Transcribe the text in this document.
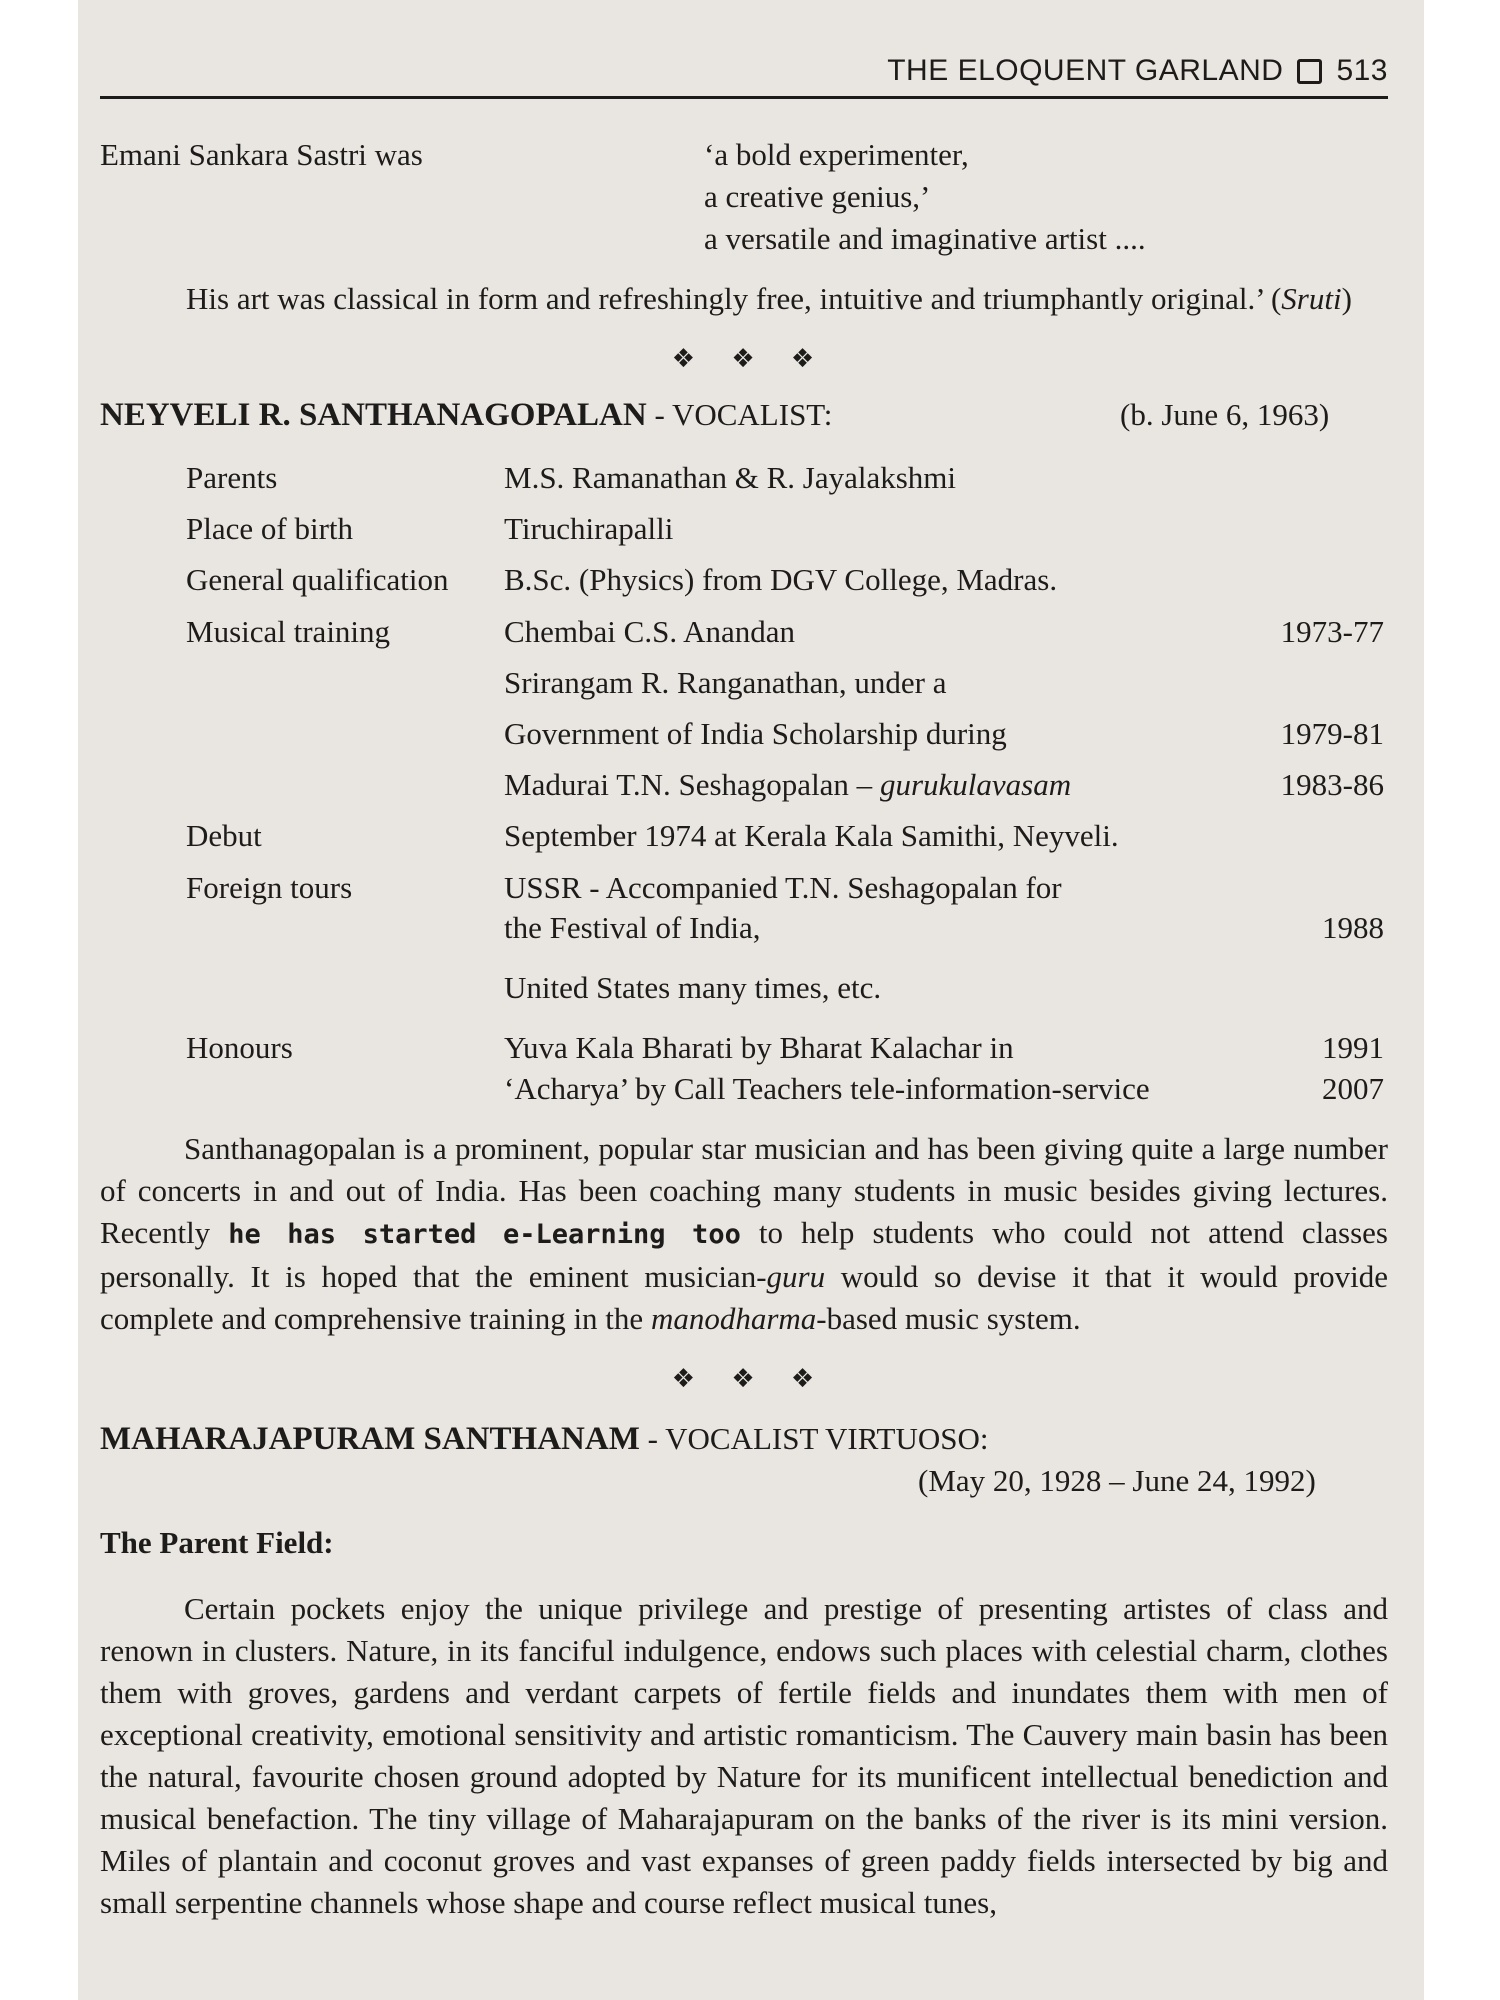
THE ELOQUENT GARLAND 513
Emani Sankara Sastri was	‘a bold experimenter,
a creative genius,’
a versatile and imaginative artist ....
His art was classical in form and refreshingly free, intuitive and triumphantly original.’ (Sruti)
❖ ❖ ❖
NEYVELI R. SANTHANAGOPALAN - VOCALIST:	(b. June 6, 1963)
Parents	M.S. Ramanathan & R. Jayalakshmi
Place of birth	Tiruchirapalli
General qualification B.Sc. (Physics) from DGV College, Madras.
Musical training	Chembai C.S. Anandan	1973-77
Srirangam R. Ranganathan, under a
Government of India Scholarship during	1979-81
Madurai T.N. Seshagopalan – gurukulavasam	1983-86
Debut	September 1974 at Kerala Kala Samithi, Neyveli.
Foreign tours	USSR - Accompanied T.N. Seshagopalan for
the Festival of India,	1988
United States many times, etc.
Honours	Yuva Kala Bharati by Bharat Kalachar in	1991
‘Acharya’ by Call Teachers tele-information-service	2007
Santhanagopalan is a prominent, popular star musician and has been giving quite a large number of concerts in and out of India. Has been coaching many students in music besides giving lectures. Recently he has started e-Learning too to help students who could not attend classes personally. It is hoped that the eminent musician-guru would so devise it that it would provide complete and comprehensive training in the manodharma-based music system.
❖ ❖ ❖
MAHARAJAPURAM SANTHANAM - VOCALIST VIRTUOSO:
(May 20, 1928 – June 24, 1992)
The Parent Field:
Certain pockets enjoy the unique privilege and prestige of presenting artistes of class and renown in clusters. Nature, in its fanciful indulgence, endows such places with celestial charm, clothes them with groves, gardens and verdant carpets of fertile fields and inundates them with men of exceptional creativity, emotional sensitivity and artistic romanticism. The Cauvery main basin has been the natural, favourite chosen ground adopted by Nature for its munificent intellectual benediction and musical benefaction. The tiny village of Maharajapuram on the banks of the river is its mini version. Miles of plantain and coconut groves and vast expanses of green paddy fields intersected by big and small serpentine channels whose shape and course reflect musical tunes,
